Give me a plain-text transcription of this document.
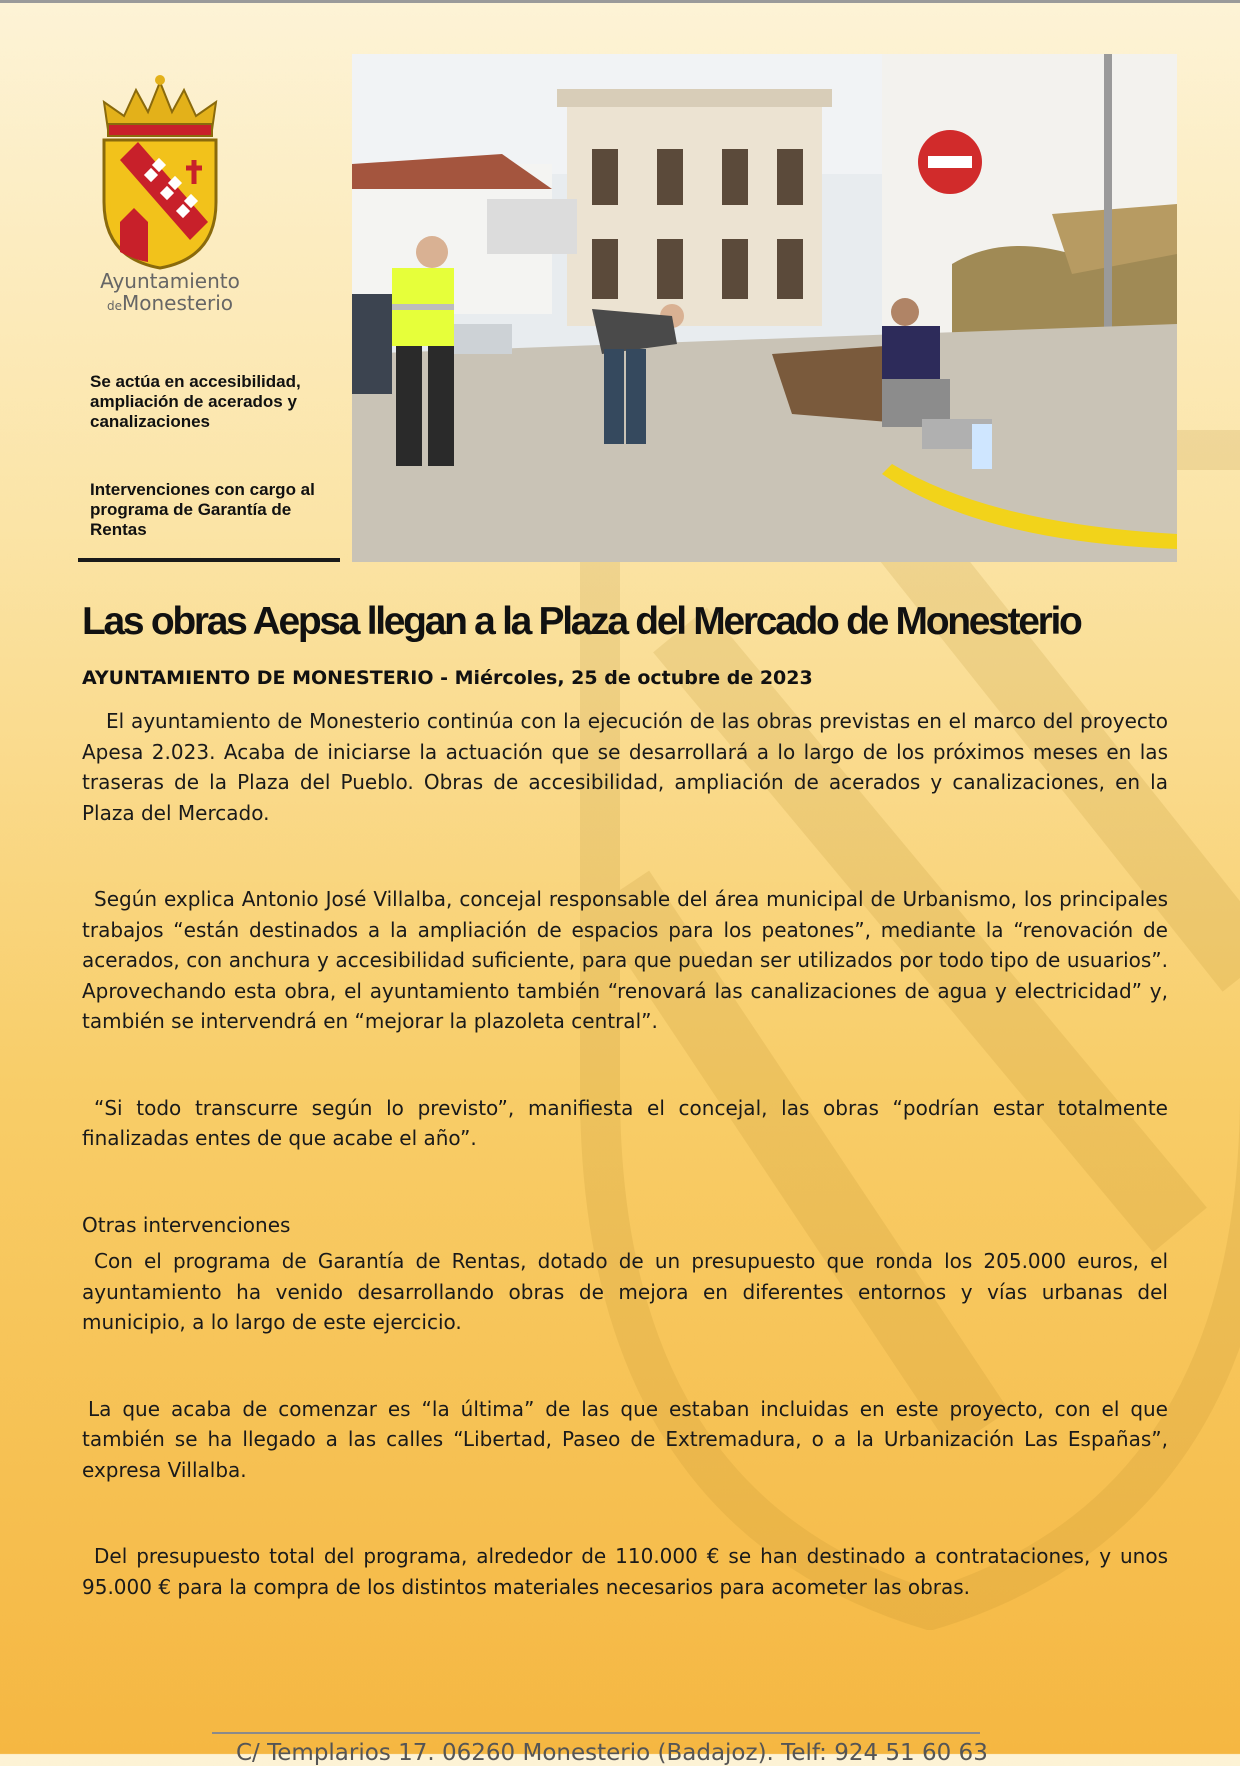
Ayuntamiento
deMonesterio
Se actúa en accesibilidad, ampliación de acerados y canalizaciones
Intervenciones con cargo al programa de Garantía de Rentas
Las obras Aepsa llegan a la Plaza del Mercado de Monesterio

AYUNTAMIENTO DE MONESTERIO - Miércoles, 25 de octubre de 2023

El ayuntamiento de Monesterio continúa con la ejecución de las obras previstas en el marco del proyecto Apesa 2.023. Acaba de iniciarse la actuación que se desarrollará a lo largo de los próximos meses en las traseras de la Plaza del Pueblo. Obras de accesibilidad, ampliación de acerados y canalizaciones, en la Plaza del Mercado.

Según explica Antonio José Villalba, concejal responsable del área municipal de Urbanismo, los principales trabajos “están destinados a la ampliación de espacios para los peatones”, mediante la “renovación de acerados, con anchura y accesibilidad suficiente, para que puedan ser utilizados por todo tipo de usuarios”. Aprovechando esta obra, el ayuntamiento también “renovará las canalizaciones de agua y electricidad” y, también se intervendrá en “mejorar la plazoleta central”.

“Si todo transcurre según lo previsto”, manifiesta el concejal, las obras “podrían estar totalmente finalizadas entes de que acabe el año”.

Otras intervenciones

Con el programa de Garantía de Rentas, dotado de un presupuesto que ronda los 205.000 euros, el ayuntamiento ha venido desarrollando obras de mejora en diferentes entornos y vías urbanas del municipio, a lo largo de este ejercicio.

La que acaba de comenzar es “la última” de las que estaban incluidas en este proyecto, con el que también se ha llegado a las calles “Libertad, Paseo de Extremadura, o a la Urbanización Las Españas”, expresa Villalba.

Del presupuesto total del programa, alrededor de 110.000 € se han destinado a contrataciones, y unos 95.000 € para la compra de los distintos materiales necesarios para acometer las obras.

C/ Templarios 17. 06260 Monesterio (Badajoz). Telf: 924 51 60 63
